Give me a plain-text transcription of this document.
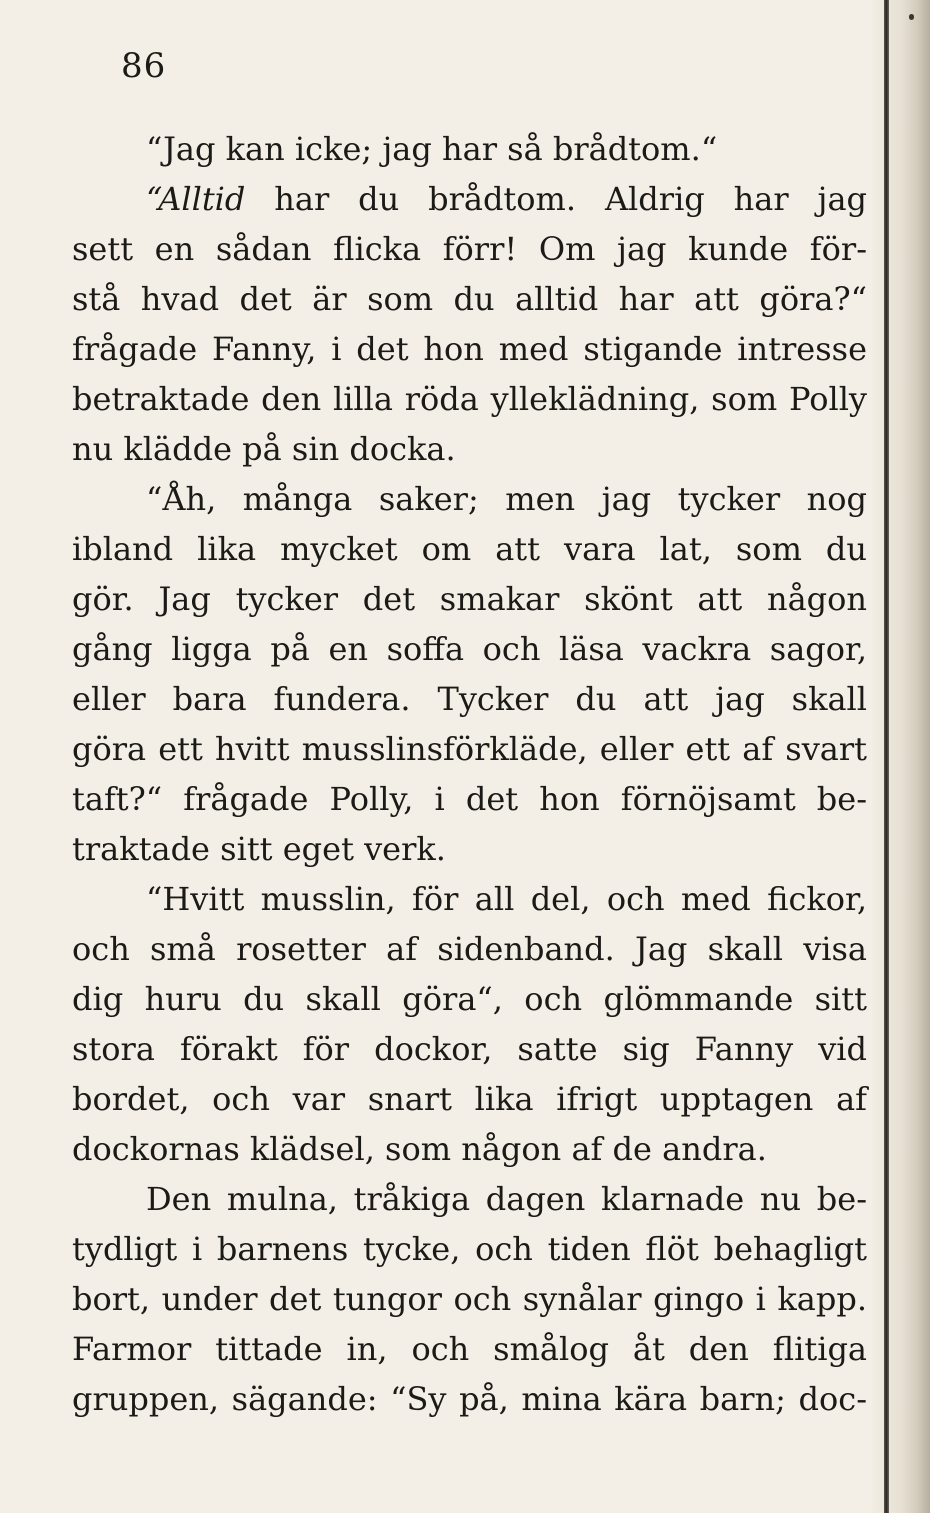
86
“Jag kan icke; jag har så brådtom.“
“Alltid har du brådtom. Aldrig har jag
sett en sådan flicka förr! Om jag kunde för-
stå hvad det är som du alltid har att göra?“
frågade Fanny, i det hon med stigande intresse
betraktade den lilla röda ylleklädning, som Polly
nu klädde på sin docka.
“Åh, många saker; men jag tycker nog
ibland lika mycket om att vara lat, som du
gör. Jag tycker det smakar skönt att någon
gång ligga på en soffa och läsa vackra sagor,
eller bara fundera. Tycker du att jag skall
göra ett hvitt musslinsförkläde, eller ett af svart
taft?“ frågade Polly, i det hon förnöjsamt be-
traktade sitt eget verk.
“Hvitt musslin, för all del, och med fickor,
och små rosetter af sidenband. Jag skall visa
dig huru du skall göra“, och glömmande sitt
stora förakt för dockor, satte sig Fanny vid
bordet, och var snart lika ifrigt upptagen af
dockornas klädsel, som någon af de andra.
Den mulna, tråkiga dagen klarnade nu be-
tydligt i barnens tycke, och tiden flöt behagligt
bort, under det tungor och synålar gingo i kapp.
Farmor tittade in, och smålog åt den flitiga
gruppen, sägande: “Sy på, mina kära barn; doc-
